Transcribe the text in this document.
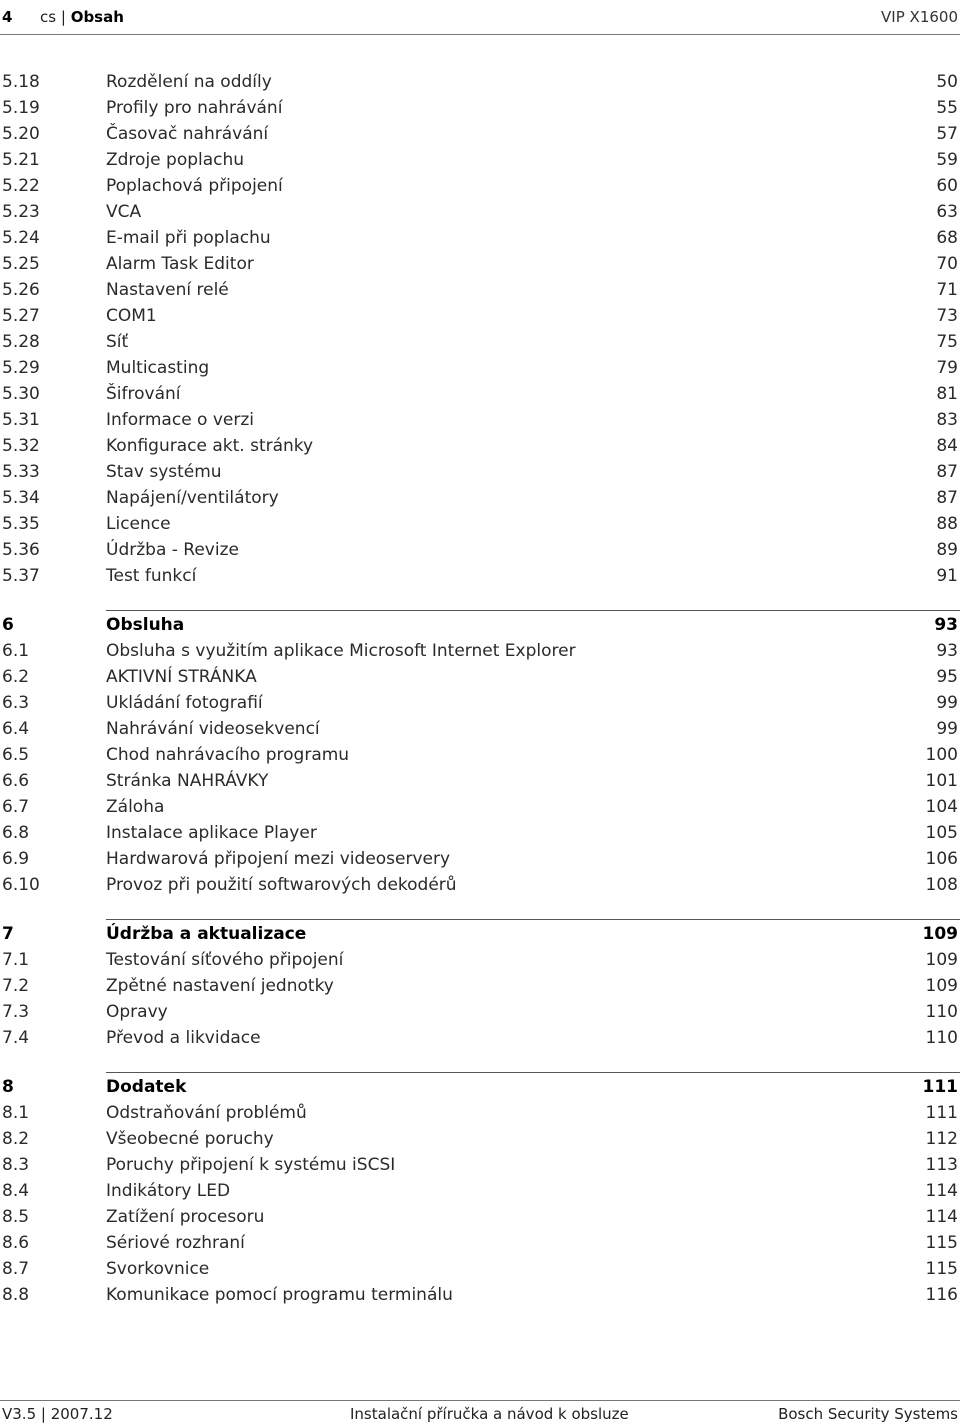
4 cs | Obsah	VIP X1600
5.18	Rozdělení na oddíly	50
5.19	Profily pro nahrávání	55
5.20	Časovač nahrávání	57
5.21	Zdroje poplachu	59
5.22	Poplachová připojení	60
5.23	VCA	63
5.24	E-mail při poplachu	68
5.25	Alarm Task Editor	70
5.26	Nastavení relé	71
5.27	COM1	73
5.28	Síť	75
5.29	Multicasting	79
5.30	Šifrování	81
5.31	Informace o verzi	83
5.32	Konfigurace akt. stránky	84
5.33	Stav systému	87
5.34	Napájení/ventilátory	87
5.35	Licence	88
5.36	Údržba - Revize	89
5.37	Test funkcí	91
6	Obsluha	93
6.1	Obsluha s využitím aplikace Microsoft Internet Explorer	93
6.2	AKTIVNÍ STRÁNKA	95
6.3	Ukládání fotografií	99
6.4	Nahrávání videosekvencí	99
6.5	Chod nahrávacího programu	100
6.6	Stránka NAHRÁVKY	101
6.7	Záloha	104
6.8	Instalace aplikace Player	105
6.9	Hardwarová připojení mezi videoservery	106
6.10	Provoz při použití softwarových dekodérů	108
7	Údržba a aktualizace	109
7.1	Testování síťového připojení	109
7.2	Zpětné nastavení jednotky	109
7.3	Opravy	110
7.4	Převod a likvidace	110
8	Dodatek	111
8.1	Odstraňování problémů	111
8.2	Všeobecné poruchy	112
8.3	Poruchy připojení k systému iSCSI	113
8.4	Indikátory LED	114
8.5	Zatížení procesoru	114
8.6	Sériové rozhraní	115
8.7	Svorkovnice	115
8.8	Komunikace pomocí programu terminálu	116
V3.5 | 2007.12	Instalační příručka a návod k obsluze	Bosch Security Systems
